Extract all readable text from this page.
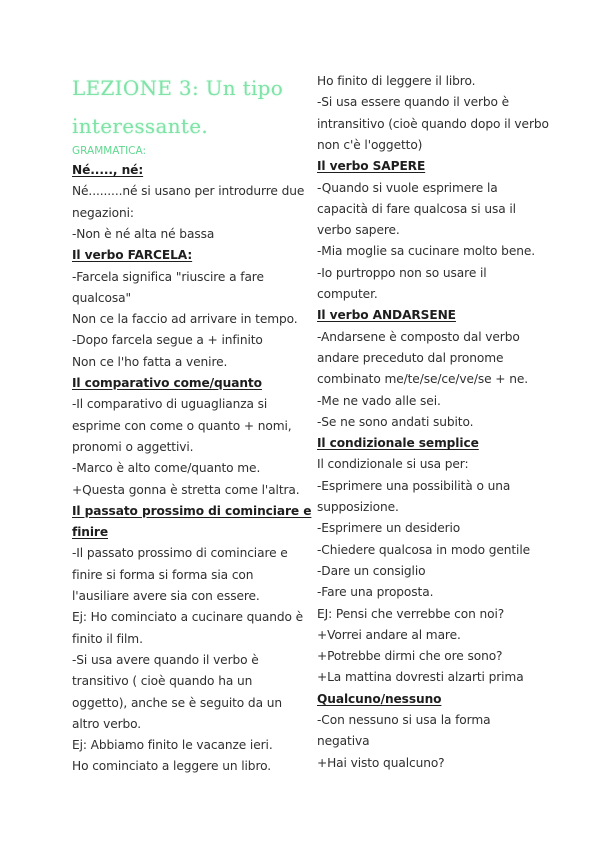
LEZIONE 3: Un tipo
interessante.
GRAMMATICA:
Né....., né:
Né.........né si usano per introdurre due
negazioni:
-Non è né alta né bassa
Il verbo FARCELA:
-Farcela significa "riuscire a fare
qualcosa"
Non ce la faccio ad arrivare in tempo.
-Dopo farcela segue a + infinito
Non ce l'ho fatta a venire.
Il comparativo come/quanto
-Il comparativo di uguaglianza si
esprime con come o quanto + nomi,
pronomi o aggettivi.
-Marco è alto come/quanto me.
+Questa gonna è stretta come l'altra.
Il passato prossimo di cominciare e
finire
-Il passato prossimo di cominciare e
finire si forma si forma sia con
l'ausiliare avere sia con essere.
Ej: Ho cominciato a cucinare quando è
finito il film.
-Si usa avere quando il verbo è
transitivo ( cioè quando ha un
oggetto), anche se è seguito da un
altro verbo.
Ej: Abbiamo finito le vacanze ieri.
Ho cominciato a leggere un libro.
Ho finito di leggere il libro.
-Si usa essere quando il verbo è
intransitivo (cioè quando dopo il verbo
non c'è l'oggetto)
Il verbo SAPERE
-Quando si vuole esprimere la
capacità di fare qualcosa si usa il
verbo sapere.
-Mia moglie sa cucinare molto bene.
-Io purtroppo non so usare il
computer.
Il verbo ANDARSENE
-Andarsene è composto dal verbo
andare preceduto dal pronome
combinato me/te/se/ce/ve/se + ne.
-Me ne vado alle sei.
-Se ne sono andati subito.
Il condizionale semplice
Il condizionale si usa per:
-Esprimere una possibilità o una
supposizione.
-Esprimere un desiderio
-Chiedere qualcosa in modo gentile
-Dare un consiglio
-Fare una proposta.
EJ: Pensi che verrebbe con noi?
+Vorrei andare al mare.
+Potrebbe dirmi che ore sono?
+La mattina dovresti alzarti prima
Qualcuno/nessuno
-Con nessuno si usa la forma
negativa
+Hai visto qualcuno?
